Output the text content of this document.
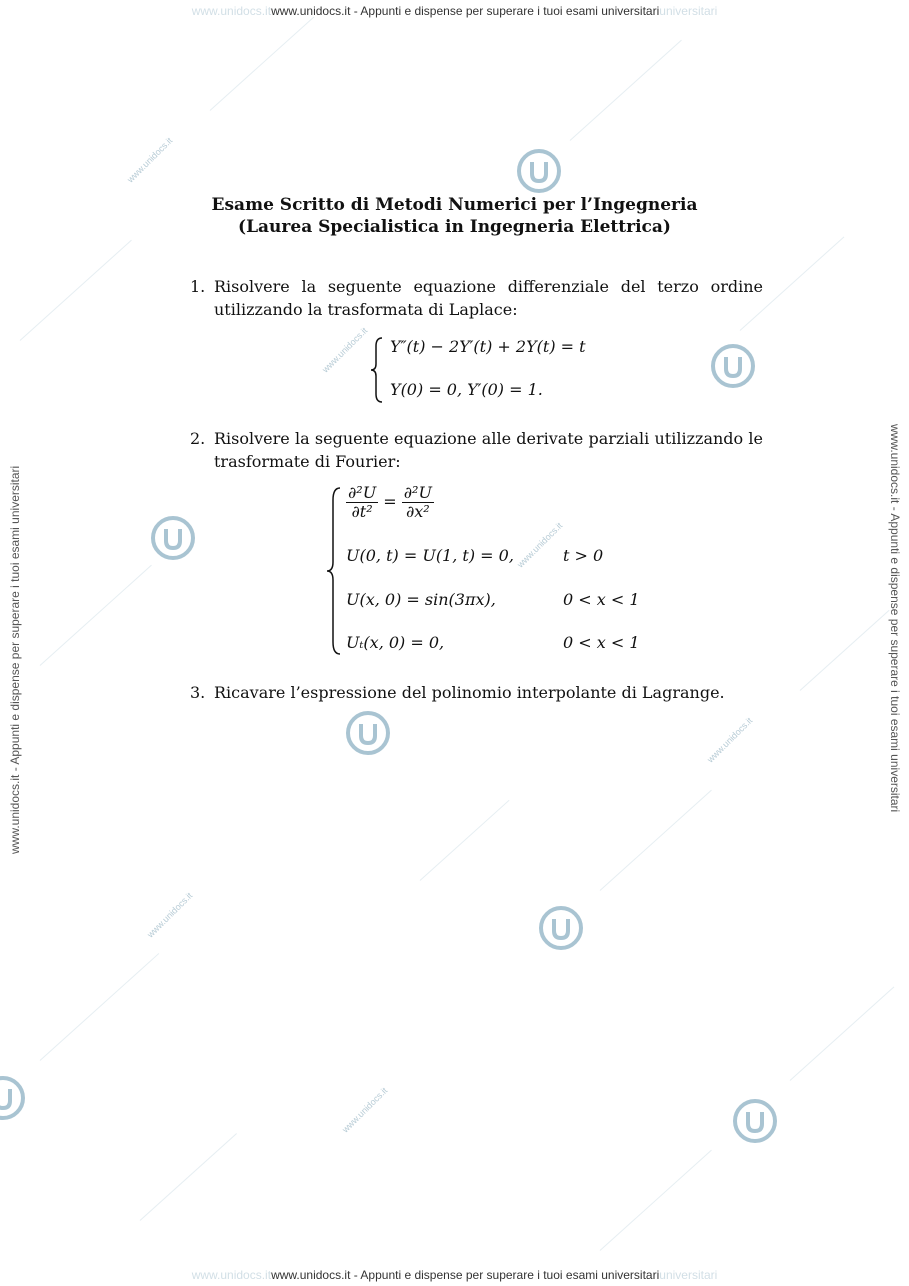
www.unidocs.itwww.unidocs.it - Appunti e dispense per superare i tuoi esami universitariuniversitari
www.unidocs.itwww.unidocs.it - Appunti e dispense per superare i tuoi esami universitariuniversitari
www.unidocs.it - Appunti e dispense per superare i tuoi esami universitari	www.unidocs.it - Appunti e dispense per superare i tuoi esami universitari
www.unidocs.it
www.unidocs.it
www.unidocs.it
www.unidocs.it
www.unidocs.it
www.unidocs.it
Esame Scritto di Metodi Numerici per l’Ingegneria
(Laurea Specialistica in Ingegneria Elettrica)
1. Risolvere la seguente equazione differenziale del terzo ordine utilizzando la trasformata di Laplace:
Y″(t) − 2Y′(t) + 2Y(t) = t
Y(0) = 0, Y′(0) = 1.
2. Risolvere la seguente equazione alle derivate parziali utilizzando le trasformate di Fourier:
$\frac{\text{∂²U}}{\text{∂t²}} = \frac{\text{∂²U}}{\text{∂x²}}$
U(0, t) = U(1, t) = 0,	t > 0
U(x, 0) = sin(3πx),	0 < x < 1
Uₜ(x, 0) = 0,	0 < x < 1
3. Ricavare l’espressione del polinomio interpolante di Lagrange.
